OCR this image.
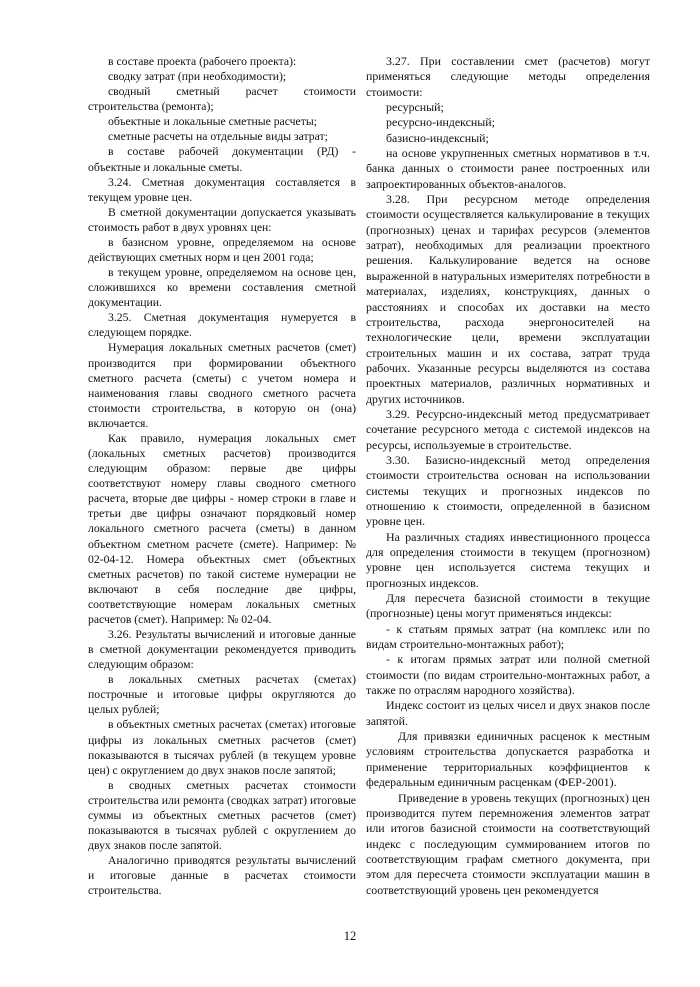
в составе проекта (рабочего проекта):

сводку затрат (при необходимости);

сводный сметный расчет стоимости строительства (ремонта);

объектные и локальные сметные расчеты;

сметные расчеты на отдельные виды затрат;

в составе рабочей документации (РД) - объектные и локальные сметы.

3.24. Сметная документация составляется в текущем уровне цен.

В сметной документации допускается указывать стоимость работ в двух уровнях цен:

в базисном уровне, определяемом на основе действующих сметных норм и цен 2001 года;

в текущем уровне, определяемом на основе цен, сложившихся ко времени составления сметной документации.

3.25. Сметная документация нумеруется в следующем порядке.

Нумерация локальных сметных расчетов (смет) производится при формировании объектного сметного расчета (сметы) с учетом номера и наименования главы сводного сметного расчета стоимости строительства, в которую он (она) включается.

Как правило, нумерация локальных смет (локальных сметных расчетов) производится следующим образом: первые две цифры соответствуют номеру главы сводного сметного расчета, вторые две цифры - номер строки в главе и третьи две цифры означают порядковый номер локального сметного расчета (сметы) в данном объектном сметном расчете (смете). Например: № 02-04-12. Номера объектных смет (объектных сметных расчетов) по такой системе нумерации не включают в себя последние две цифры, соответствующие номерам локальных сметных расчетов (смет). Например: № 02-04.

3.26. Результаты вычислений и итоговые данные в сметной документации рекомендуется приводить следующим образом:

в локальных сметных расчетах (сметах) построчные и итоговые цифры округляются до целых рублей;

в объектных сметных расчетах (сметах) итоговые цифры из локальных сметных расчетов (смет) показываются в тысячах рублей (в текущем уровне цен) с округлением до двух знаков после запятой;

в сводных сметных расчетах стоимости строительства или ремонта (сводках затрат) итоговые суммы из объектных сметных расчетов (смет) показываются в тысячах рублей с округлением до двух знаков после запятой.

Аналогично приводятся результаты вычислений и итоговые данные в расчетах стоимости строительства.

3.27. При составлении смет (расчетов) могут применяться следующие методы определения стоимости:

ресурсный;

ресурсно-индексный;

базисно-индексный;

на основе укрупненных сметных нормативов в т.ч. банка данных о стоимости ранее построенных или запроектированных объектов-аналогов.

3.28. При ресурсном методе определения стоимости осуществляется калькулирование в текущих (прогнозных) ценах и тарифах ресурсов (элементов затрат), необходимых для реализации проектного решения. Калькулирование ведется на основе выраженной в натуральных измерителях потребности в материалах, изделиях, конструкциях, данных о расстояниях и способах их доставки на место строительства, расхода энергоносителей на технологические цели, времени эксплуатации строительных машин и их состава, затрат труда рабочих. Указанные ресурсы выделяются из состава проектных материалов, различных нормативных и других источников.

3.29. Ресурсно-индексный метод предусматривает сочетание ресурсного метода с системой индексов на ресурсы, используемые в строительстве.

3.30. Базисно-индексный метод определения стоимости строительства основан на использовании системы текущих и прогнозных индексов по отношению к стоимости, определенной в базисном уровне цен.

На различных стадиях инвестиционного процесса для определения стоимости в текущем (прогнозном) уровне цен используется система текущих и прогнозных индексов.

Для пересчета базисной стоимости в текущие (прогнозные) цены могут применяться индексы:

- к статьям прямых затрат (на комплекс или по видам строительно-монтажных работ);

- к итогам прямых затрат или полной сметной стоимости (по видам строительно-монтажных работ, а также по отраслям народного хозяйства).

Индекс состоит из целых чисел и двух знаков после запятой.

Для привязки единичных расценок к местным условиям строительства допускается разработка и применение территориальных коэффициентов к федеральным единичным расценкам (ФЕР-2001).

Приведение в уровень текущих (прогнозных) цен производится путем перемножения элементов затрат или итогов базисной стоимости на соответствующий индекс с последующим суммированием итогов по соответствующим графам сметного документа, при этом для пересчета стоимости эксплуатации машин в соответствующий уровень цен рекомендуется

12
